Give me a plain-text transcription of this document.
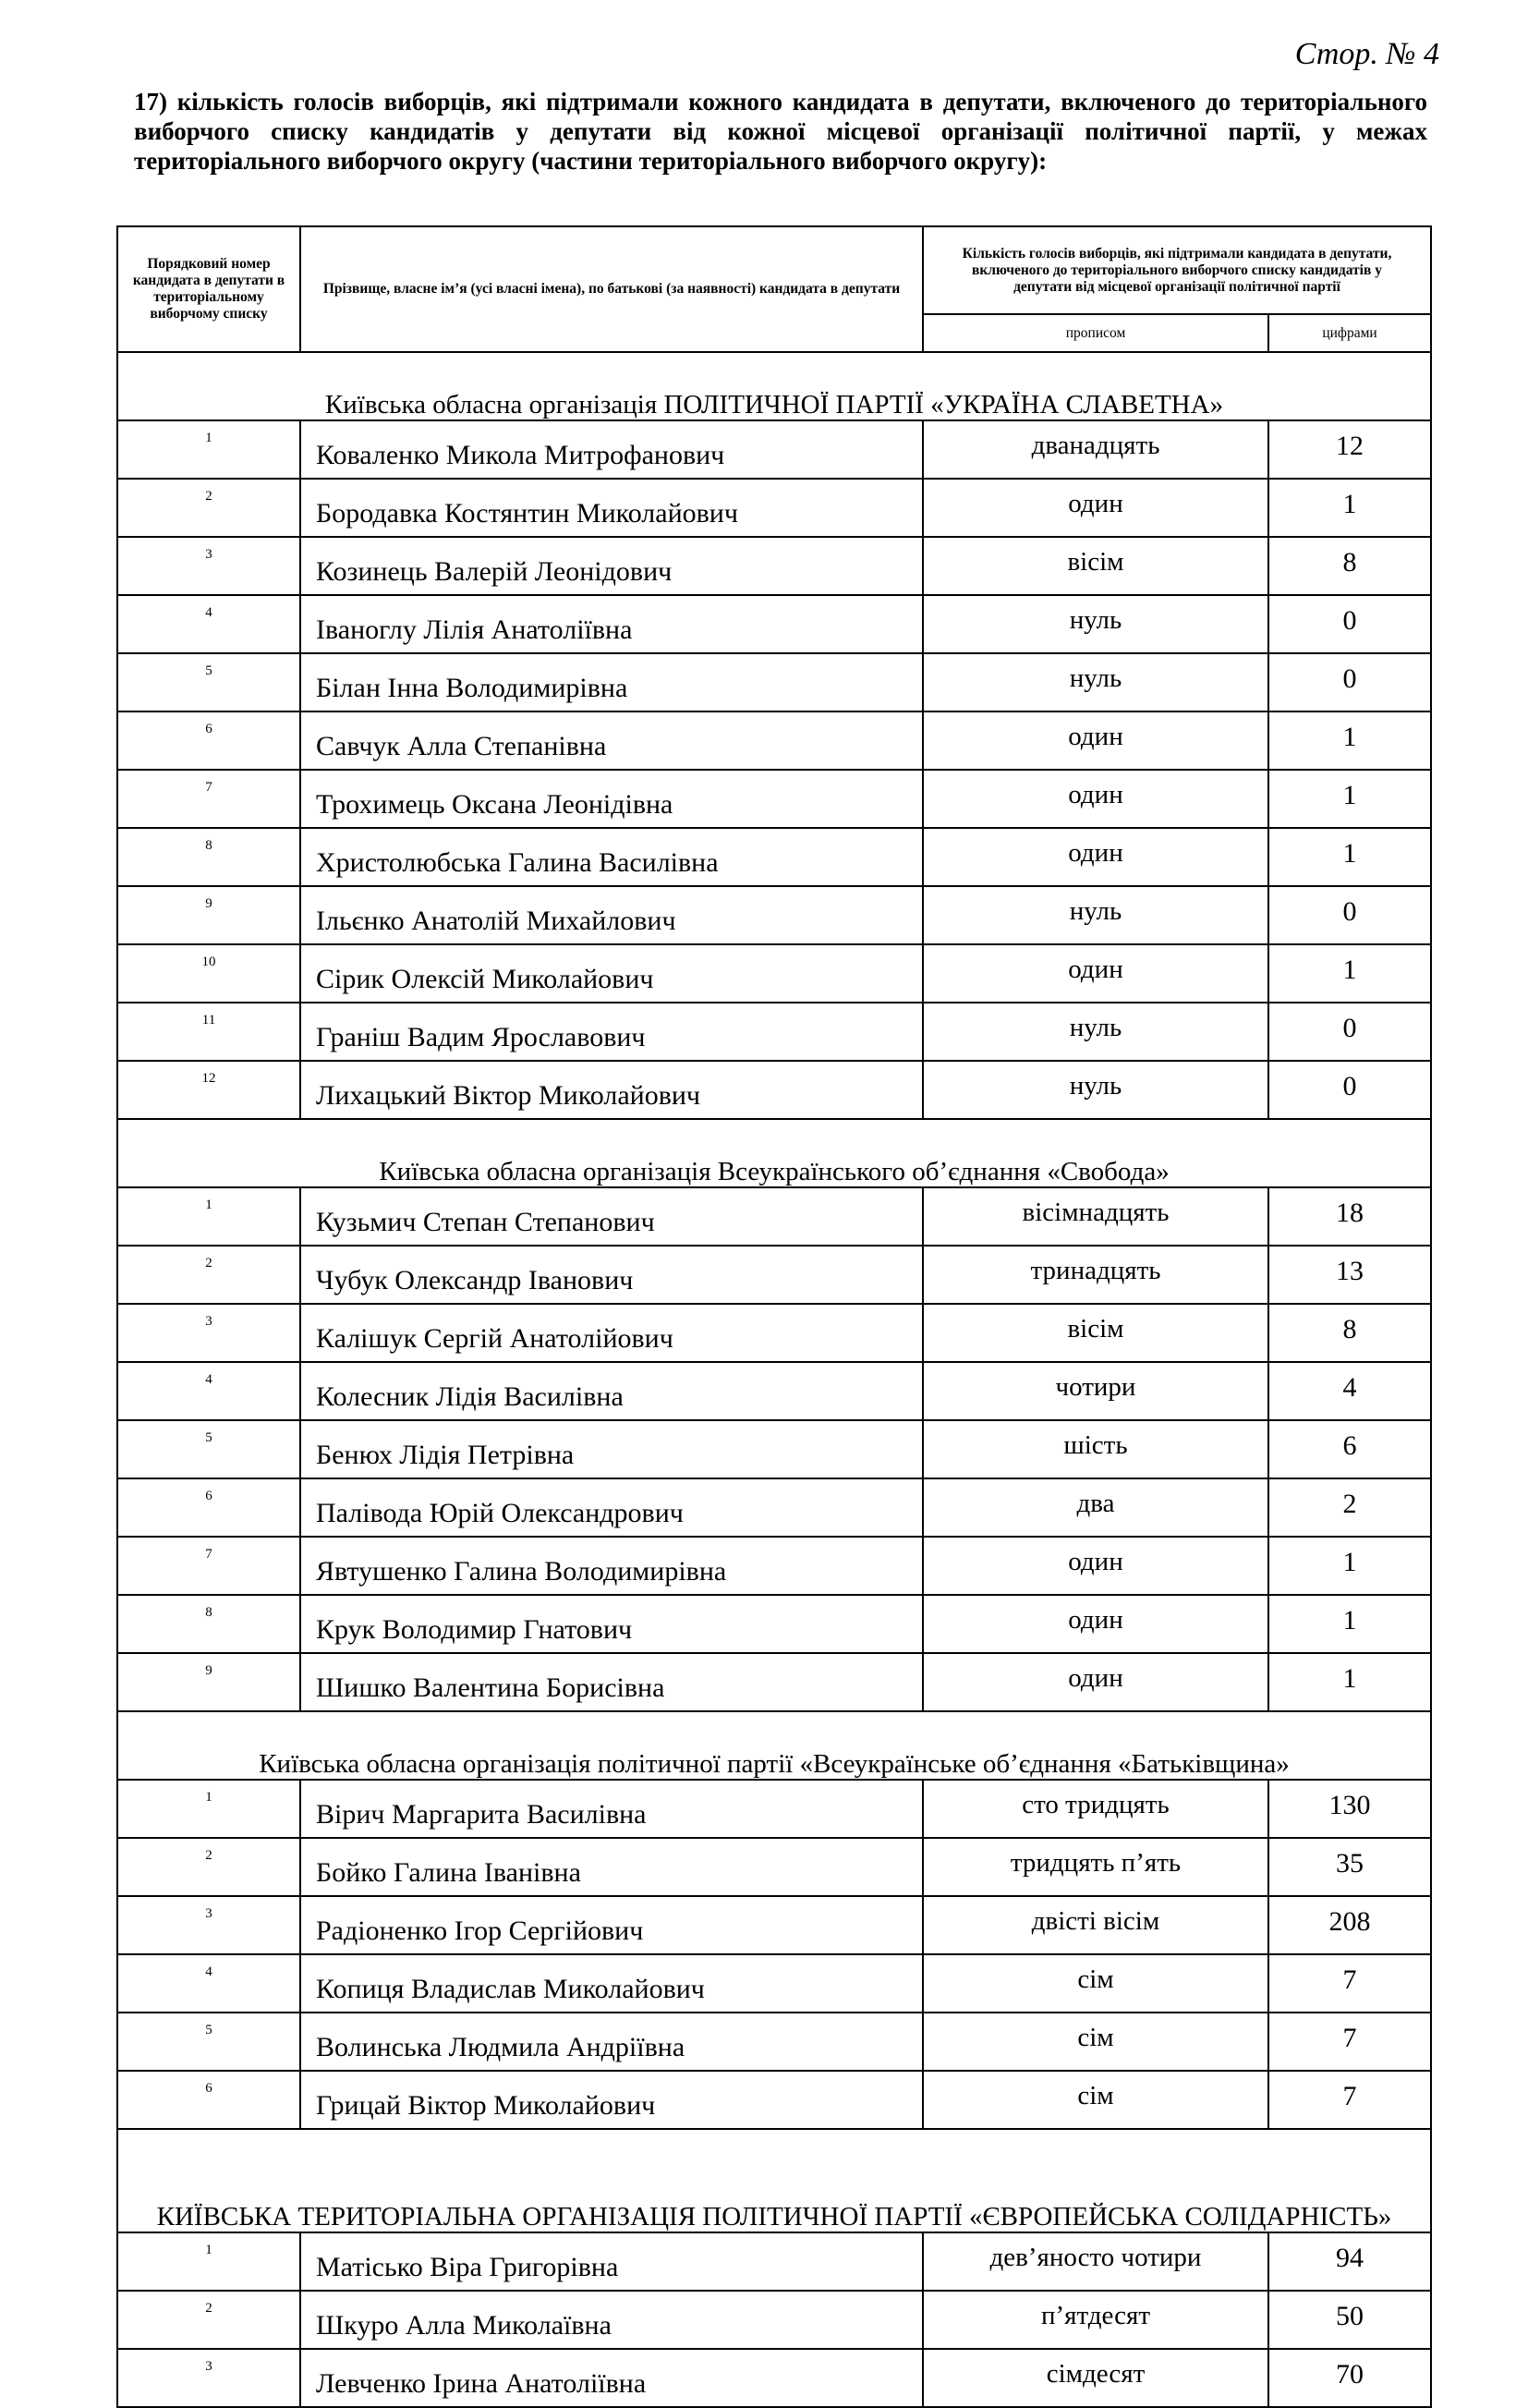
Стор. № 4
17) кількість голосів виборців, які підтримали кожного кандидата в депутати, включеного до територіального виборчого списку кандидатів у депутати від кожної місцевої організації політичної партії, у межах територіального виборчого округу (частини територіального виборчого округу):
Порядковий номер кандидата в депутати в територіальному виборчому списку	Прізвище, власне ім’я (усі власні імена), по батькові (за наявності) кандидата в депутати	Кількість голосів виборців, які підтримали кандидата в депутати, включеного до територіального виборчого списку кандидатів у депутати від місцевої організації політичної партії	
		прописом	цифрами
Київська обласна організація ПОЛІТИЧНОЇ ПАРТІЇ «УКРАЇНА СЛАВЕТНА»			
1	Коваленко Микола Митрофанович	дванадцять	12
2	Бородавка Костянтин Миколайович	один	1
3	Козинець Валерій Леонідович	вісім	8
4	Іваноглу Лілія Анатоліївна	нуль	0
5	Білан Інна Володимирівна	нуль	0
6	Савчук Алла Степанівна	один	1
7	Трохимець Оксана Леонідівна	один	1
8	Христолюбська Галина Василівна	один	1
9	Ільєнко Анатолій Михайлович	нуль	0
10	Сірик Олексій Миколайович	один	1
11	Граніш Вадим Ярославович	нуль	0
12	Лихацький Віктор Миколайович	нуль	0
Київська обласна організація Всеукраїнського об’єднання «Свобода»			
1	Кузьмич Степан Степанович	вісімнадцять	18
2	Чубук Олександр Іванович	тринадцять	13
3	Калішук Сергій Анатолійович	вісім	8
4	Колесник Лідія Василівна	чотири	4
5	Бенюх Лідія Петрівна	шість	6
6	Палівода Юрій Олександрович	два	2
7	Явтушенко Галина Володимирівна	один	1
8	Крук Володимир Гнатович	один	1
9	Шишко Валентина Борисівна	один	1
Київська обласна організація політичної партії «Всеукраїнське об’єднання «Батьківщина»			
1	Вірич Маргарита Василівна	сто тридцять	130
2	Бойко Галина Іванівна	тридцять п’ять	35
3	Радіоненко Ігор Сергійович	двісті вісім	208
4	Копиця Владислав Миколайович	сім	7
5	Волинська Людмила Андріївна	сім	7
6	Грицай Віктор Миколайович	сім	7
КИЇВСЬКА ТЕРИТОРІАЛЬНА ОРГАНІЗАЦІЯ ПОЛІТИЧНОЇ ПАРТІЇ «ЄВРОПЕЙСЬКА СОЛІДАРНІСТЬ»			
1	Матісько Віра Григорівна	дев’яносто чотири	94
2	Шкуро Алла Миколаївна	п’ятдесят	50
3	Левченко Ірина Анатоліївна	сімдесят	70
